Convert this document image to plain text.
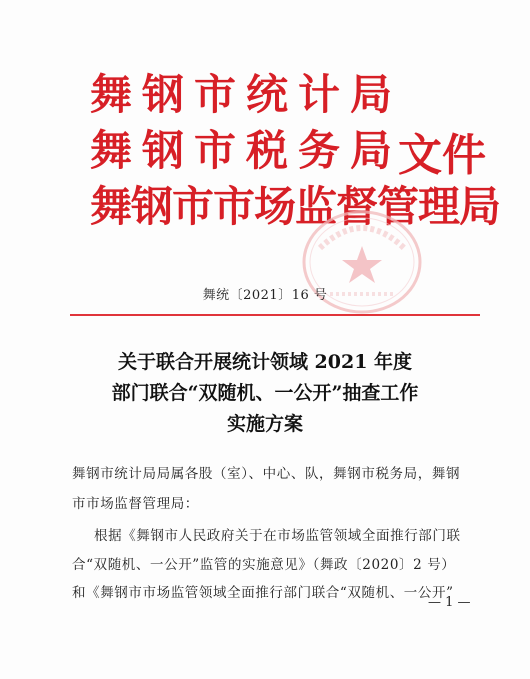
舞钢市统计局
舞钢市税务局
舞钢市市场监督管理局
文件
舞统〔2021〕16 号
关于联合开展统计领域 2021 年度
部门联合“双随机、一公开”抽查工作
实施方案
舞钢市统计局局属各股（室）、中心、队，舞钢市税务局，舞钢
市市场监督管理局：
根据《舞钢市人民政府关于在市场监管领域全面推行部门联
合“双随机、一公开”监管的实施意见》（舞政〔2020〕2 号）
和《舞钢市市场监管领域全面推行部门联合“双随机、一公开”
— 1 —
